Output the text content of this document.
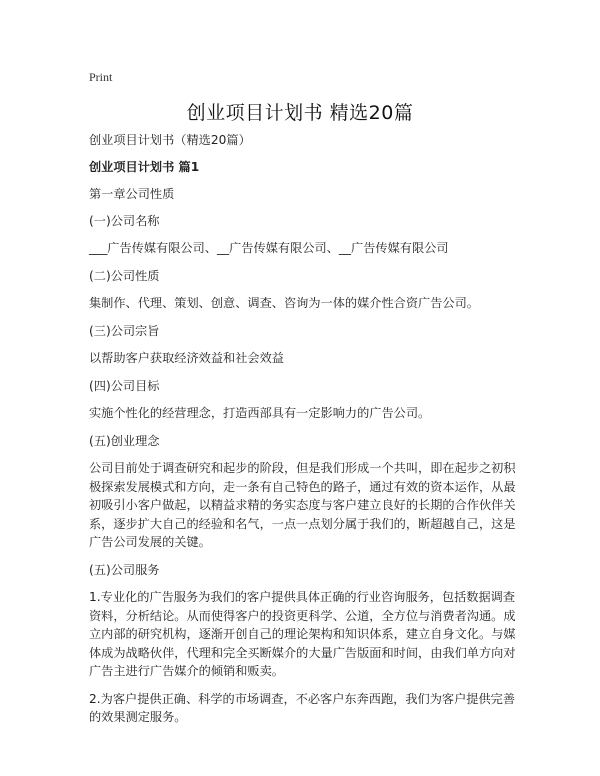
Print
创业项目计划书 精选20篇

创业项目计划书（精选20篇）

创业项目计划书 篇1

第一章公司性质

(一)公司名称

___广告传媒有限公司、__广告传媒有限公司、__广告传媒有限公司

(二)公司性质

集制作、代理、策划、创意、调查、咨询为一体的媒介性合资广告公司。

(三)公司宗旨

以帮助客户获取经济效益和社会效益

(四)公司目标

实施个性化的经营理念，打造西部具有一定影响力的广告公司。

(五)创业理念

公司目前处于调查研究和起步的阶段，但是我们形成一个共叫，即在起步之初积极探索发展模式和方向，走一条有自己特色的路子，通过有效的资本运作，从最初吸引小客户做起，以精益求精的务实态度与客户建立良好的长期的合作伙伴关系，逐步扩大自己的经验和名气，一点一点划分属于我们的，断超越自己，这是广告公司发展的关键。

(五)公司服务

1.专业化的广告服务为我们的客户提供具体正确的行业咨询服务，包括数据调查资料，分析结论。从而使得客户的投资更科学、公道，全方位与消费者沟通。成立内部的研究机构，逐渐开创自己的理论架构和知识体系，建立自身文化。与媒体成为战略伙伴，代理和完全买断媒介的大量广告版面和时间，由我们单方向对广告主进行广告媒介的倾销和贩卖。

2.为客户提供正确、科学的市场调查，不必客户东奔西跑，我们为客户提供完善的效果测定服务。
